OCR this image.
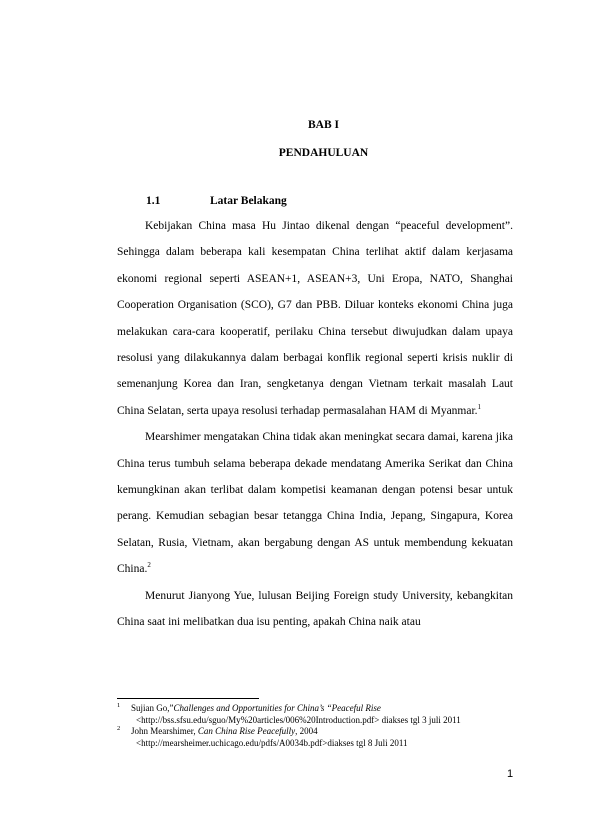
BAB I
PENDAHULUAN
1.1	Latar Belakang

Kebijakan China masa Hu Jintao dikenal dengan “peaceful development”. Sehingga dalam beberapa kali kesempatan China terlihat aktif dalam kerjasama ekonomi regional seperti ASEAN+1, ASEAN+3, Uni Eropa, NATO, Shanghai Cooperation Organisation (SCO), G7 dan PBB. Diluar konteks ekonomi China juga melakukan cara-cara kooperatif, perilaku China tersebut diwujudkan dalam upaya resolusi yang dilakukannya dalam berbagai konflik regional seperti krisis nuklir di semenanjung Korea dan Iran, sengketanya dengan Vietnam terkait masalah Laut China Selatan, serta upaya resolusi terhadap permasalahan HAM di Myanmar.$^1$

Mearshimer mengatakan China tidak akan meningkat secara damai, karena jika China terus tumbuh selama beberapa dekade mendatang Amerika Serikat dan China kemungkinan akan terlibat dalam kompetisi keamanan dengan potensi besar untuk perang. Kemudian sebagian besar tetangga China India, Jepang, Singapura, Korea Selatan, Rusia, Vietnam, akan bergabung dengan AS untuk membendung kekuatan China.$^2$

Menurut Jianyong Yue, lulusan Beijing Foreign study University, kebangkitan China saat ini melibatkan dua isu penting, apakah China naik atau

1 Sujian Go,”Challenges and Opportunities for China’s “Peaceful Rise
<http://bss.sfsu.edu/sguo/My%20articles/006%20Introduction.pdf> diakses tgl 3 juli 2011
2 John Mearshimer, Can China Rise Peacefully, 2004
<http://mearsheimer.uchicago.edu/pdfs/A0034b.pdf>diakses tgl 8 Juli 2011
1
